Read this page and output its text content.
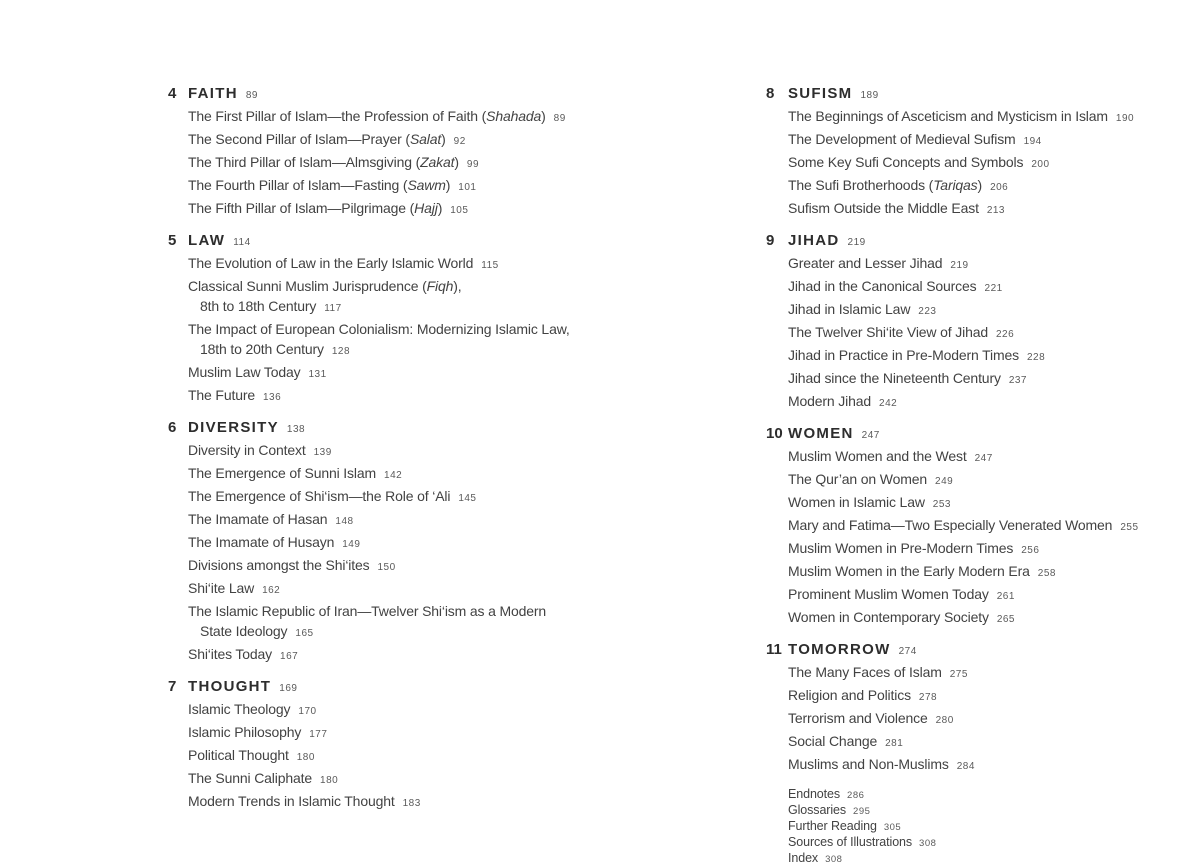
4 FAITH 89
The First Pillar of Islam—the Profession of Faith (Shahada) 89
The Second Pillar of Islam—Prayer (Salat) 92
The Third Pillar of Islam—Almsgiving (Zakat) 99
The Fourth Pillar of Islam—Fasting (Sawm) 101
The Fifth Pillar of Islam—Pilgrimage (Hajj) 105
5 LAW 114
The Evolution of Law in the Early Islamic World 115
Classical Sunni Muslim Jurisprudence (Fiqh),
8th to 18th Century 117
The Impact of European Colonialism: Modernizing Islamic Law,
18th to 20th Century 128
Muslim Law Today 131
The Future 136
6 DIVERSITY 138
Diversity in Context 139
The Emergence of Sunni Islam 142
The Emergence of Shi‘ism—the Role of ‘Ali 145
The Imamate of Hasan 148
The Imamate of Husayn 149
Divisions amongst the Shi‘ites 150
Shi‘ite Law 162
The Islamic Republic of Iran—Twelver Shi‘ism as a Modern
State Ideology 165
Shi‘ites Today 167
7 THOUGHT 169
Islamic Theology 170
Islamic Philosophy 177
Political Thought 180
The Sunni Caliphate 180
Modern Trends in Islamic Thought 183
8 SUFISM 189
The Beginnings of Asceticism and Mysticism in Islam 190
The Development of Medieval Sufism 194
Some Key Sufi Concepts and Symbols 200
The Sufi Brotherhoods (Tariqas) 206
Sufism Outside the Middle East 213
9 JIHAD 219
Greater and Lesser Jihad 219
Jihad in the Canonical Sources 221
Jihad in Islamic Law 223
The Twelver Shi‘ite View of Jihad 226
Jihad in Practice in Pre-Modern Times 228
Jihad since the Nineteenth Century 237
Modern Jihad 242
10 WOMEN 247
Muslim Women and the West 247
The Qur’an on Women 249
Women in Islamic Law 253
Mary and Fatima—Two Especially Venerated Women 255
Muslim Women in Pre-Modern Times 256
Muslim Women in the Early Modern Era 258
Prominent Muslim Women Today 261
Women in Contemporary Society 265
11 TOMORROW 274
The Many Faces of Islam 275
Religion and Politics 278
Terrorism and Violence 280
Social Change 281
Muslims and Non-Muslims 284
Endnotes 286
Glossaries 295
Further Reading 305
Sources of Illustrations 308
Index 308
